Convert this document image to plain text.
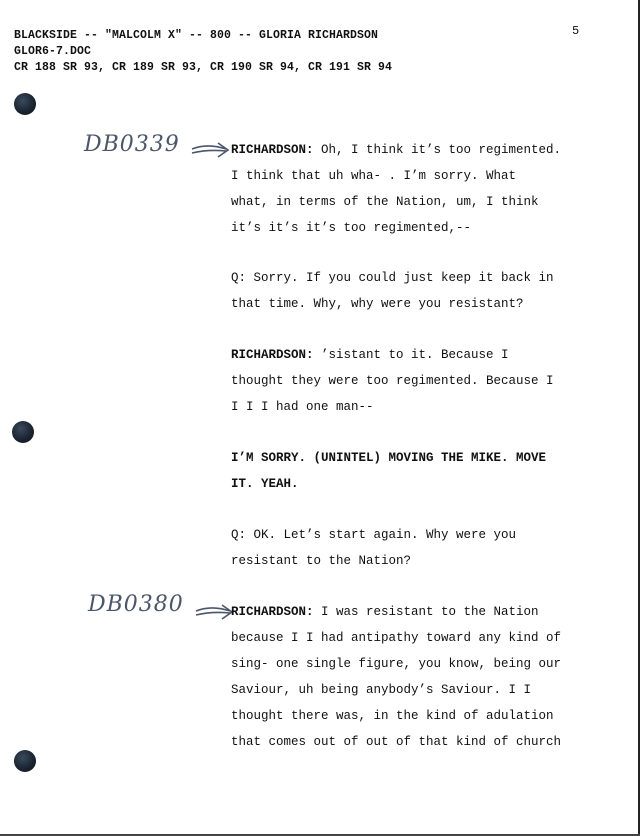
BLACKSIDE -- "MALCOLM X" -- 800 -- GLORIA RICHARDSON
GLOR6-7.DOC
CR 188 SR 93, CR 189 SR 93, CR 190 SR 94, CR 191 SR 94
5
DB0339
DB0380
RICHARDSON: Oh, I think it’s too regimented.
I think that uh wha- . I’m sorry. What
what, in terms of the Nation, um, I think
it’s it’s it’s too regimented,--
Q: Sorry. If you could just keep it back in
that time. Why, why were you resistant?
RICHARDSON: ’sistant to it. Because I
thought they were too regimented. Because I
I I I had one man--
I’M SORRY. (UNINTEL) MOVING THE MIKE. MOVE
IT. YEAH.
Q: OK. Let’s start again. Why were you
resistant to the Nation?
RICHARDSON: I was resistant to the Nation
because I I had antipathy toward any kind of
sing- one single figure, you know, being our
Saviour, uh being anybody’s Saviour. I I
thought there was, in the kind of adulation
that comes out of out of that kind of church
